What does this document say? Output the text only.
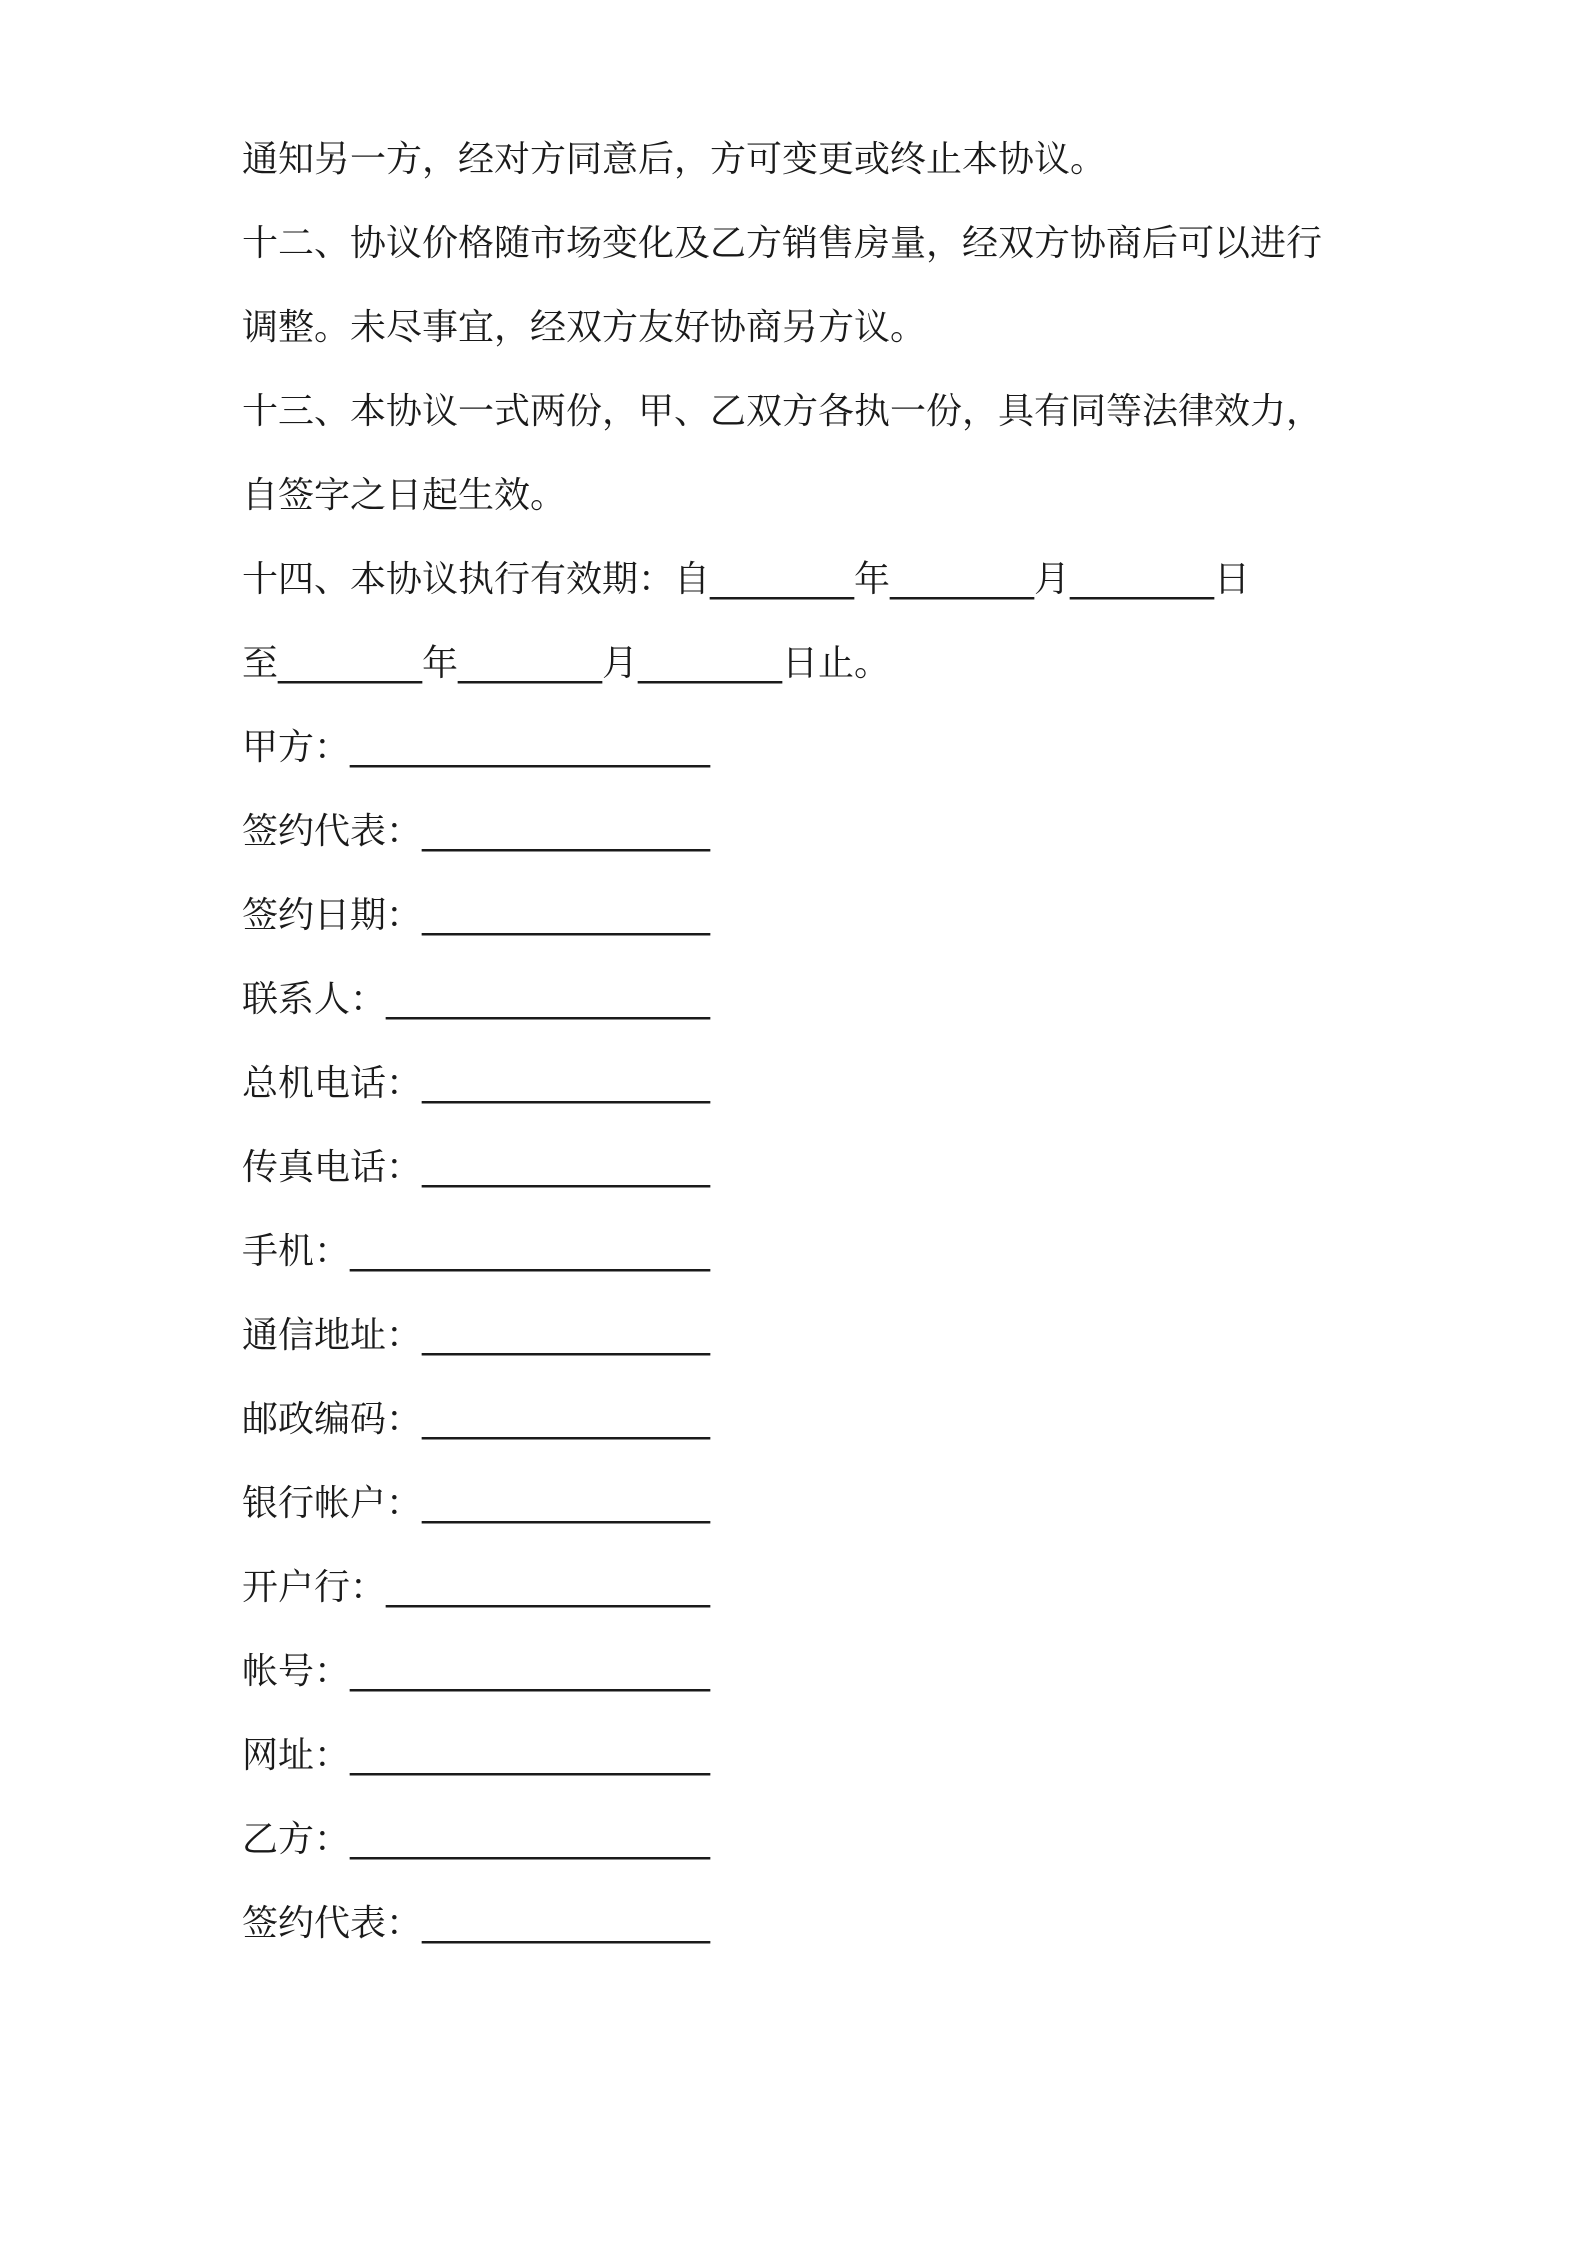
通知另一方，经对方同意后，方可变更或终止本协议。
十二、协议价格随市场变化及乙方销售房量，经双方协商后可以进行
调整。未尽事宜，经双方友好协商另方议。
十三、本协议一式两份，甲、乙双方各执一份，具有同等法律效力，
自签字之日起生效。
十四、本协议执行有效期：自________年________月________日
至________年________月________日止。
甲方：____________________
签约代表：________________
签约日期：________________
联系人：__________________
总机电话：________________
传真电话：________________
手机：____________________
通信地址：________________
邮政编码：________________
银行帐户：________________
开户行：__________________
帐号：____________________
网址：____________________
乙方：____________________
签约代表：________________
